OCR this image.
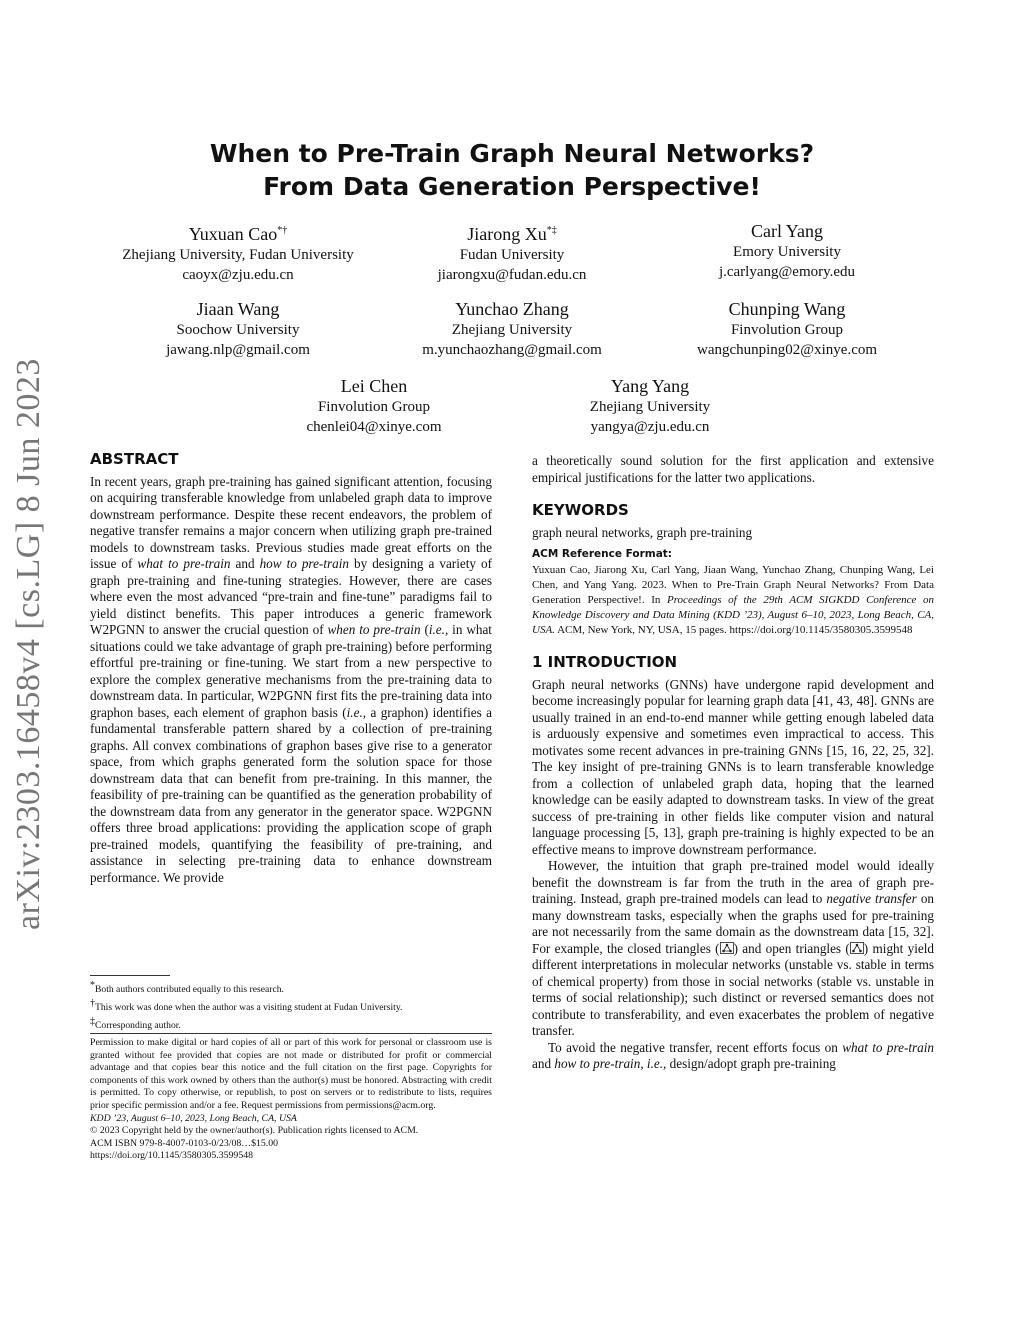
arXiv:2303.16458v4 [cs.LG] 8 Jun 2023
When to Pre-Train Graph Neural Networks?
From Data Generation Perspective!
Yuxuan Cao*†
Zhejiang University, Fudan University
caoyx@zju.edu.cn
Jiarong Xu*‡
Fudan University
jiarongxu@fudan.edu.cn
Carl Yang
Emory University
j.carlyang@emory.edu
Jiaan Wang
Soochow University
jawang.nlp@gmail.com
Yunchao Zhang
Zhejiang University
m.yunchaozhang@gmail.com
Chunping Wang
Finvolution Group
wangchunping02@xinye.com
Lei Chen
Finvolution Group
chenlei04@xinye.com
Yang Yang
Zhejiang University
yangya@zju.edu.cn
ABSTRACT

In recent years, graph pre-training has gained significant attention, focusing on acquiring transferable knowledge from unlabeled graph data to improve downstream performance. Despite these recent endeavors, the problem of negative transfer remains a major concern when utilizing graph pre-trained models to downstream tasks. Previous studies made great efforts on the issue of what to pre-train and how to pre-train by designing a variety of graph pre-training and fine-tuning strategies. However, there are cases where even the most advanced “pre-train and fine-tune” paradigms fail to yield distinct benefits. This paper introduces a generic framework W2PGNN to answer the crucial question of when to pre-train (i.e., in what situations could we take advantage of graph pre-training) before performing effortful pre-training or fine-tuning. We start from a new perspective to explore the complex generative mechanisms from the pre-training data to downstream data. In particular, W2PGNN first fits the pre-training data into graphon bases, each element of graphon basis (i.e., a graphon) identifies a fundamental transferable pattern shared by a collection of pre-training graphs. All convex combinations of graphon bases give rise to a generator space, from which graphs generated form the solution space for those downstream data that can benefit from pre-training. In this manner, the feasibility of pre-training can be quantified as the generation probability of the downstream data from any generator in the generator space. W2PGNN offers three broad applications: providing the application scope of graph pre-trained models, quantifying the feasibility of pre-training, and assistance in selecting pre-training data to enhance downstream performance. We provide

*Both authors contributed equally to this research.
†This work was done when the author was a visiting student at Fudan University.
‡Corresponding author.

Permission to make digital or hard copies of all or part of this work for personal or classroom use is granted without fee provided that copies are not made or distributed for profit or commercial advantage and that copies bear this notice and the full citation on the first page. Copyrights for components of this work owned by others than the author(s) must be honored. Abstracting with credit is permitted. To copy otherwise, or republish, to post on servers or to redistribute to lists, requires prior specific permission and/or a fee. Request permissions from permissions@acm.org.

KDD ’23, August 6–10, 2023, Long Beach, CA, USA

© 2023 Copyright held by the owner/author(s). Publication rights licensed to ACM.

ACM ISBN 979-8-4007-0103-0/23/08…$15.00

https://doi.org/10.1145/3580305.3599548

a theoretically sound solution for the first application and extensive empirical justifications for the latter two applications.

KEYWORDS

graph neural networks, graph pre-training

ACM Reference Format:

Yuxuan Cao, Jiarong Xu, Carl Yang, Jiaan Wang, Yunchao Zhang, Chunping Wang, Lei Chen, and Yang Yang. 2023. When to Pre-Train Graph Neural Networks? From Data Generation Perspective!. In Proceedings of the 29th ACM SIGKDD Conference on Knowledge Discovery and Data Mining (KDD ’23), August 6–10, 2023, Long Beach, CA, USA. ACM, New York, NY, USA, 15 pages. https://doi.org/10.1145/3580305.3599548

1 INTRODUCTION

Graph neural networks (GNNs) have undergone rapid development and become increasingly popular for learning graph data [41, 43, 48]. GNNs are usually trained in an end-to-end manner while getting enough labeled data is arduously expensive and sometimes even impractical to access. This motivates some recent advances in pre-training GNNs [15, 16, 22, 25, 32]. The key insight of pre-training GNNs is to learn transferable knowledge from a collection of unlabeled graph data, hoping that the learned knowledge can be easily adapted to downstream tasks. In view of the great success of pre-training in other fields like computer vision and natural language processing [5, 13], graph pre-training is highly expected to be an effective means to improve downstream performance.

However, the intuition that graph pre-trained model would ideally benefit the downstream is far from the truth in the area of graph pre-training. Instead, graph pre-trained models can lead to negative transfer on many downstream tasks, especially when the graphs used for pre-training are not necessarily from the same domain as the downstream data [15, 32]. For example, the closed triangles ( ) and open triangles ( ) might yield different interpretations in molecular networks (unstable vs. stable in terms of chemical property) from those in social networks (stable vs. unstable in terms of social relationship); such distinct or reversed semantics does not contribute to transferability, and even exacerbates the problem of negative transfer.

To avoid the negative transfer, recent efforts focus on what to pre-train and how to pre-train, i.e., design/adopt graph pre-training
